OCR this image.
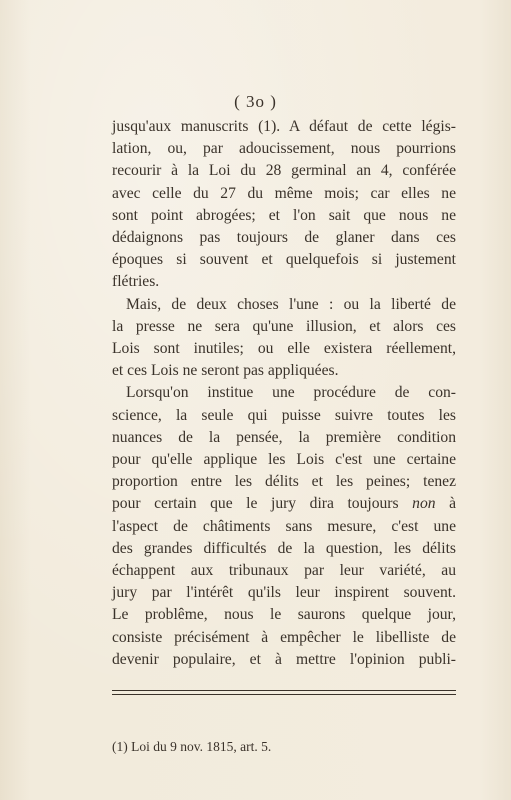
( 3o )
jusqu'aux manuscrits (1). A défaut de cette légis-
lation, ou, par adoucissement, nous pourrions
recourir à la Loi du 28 germinal an 4, conférée
avec celle du 27 du même mois; car elles ne
sont point abrogées; et l'on sait que nous ne
dédaignons pas toujours de glaner dans ces
époques si souvent et quelquefois si justement
flétries.
Mais, de deux choses l'une : ou la liberté de
la presse ne sera qu'une illusion, et alors ces
Lois sont inutiles; ou elle existera réellement,
et ces Lois ne seront pas appliquées.
Lorsqu'on institue une procédure de con-
science, la seule qui puisse suivre toutes les
nuances de la pensée, la première condition
pour qu'elle applique les Lois c'est une certaine
proportion entre les délits et les peines; tenez
pour certain que le jury dira toujours non à
l'aspect de châtiments sans mesure, c'est une
des grandes difficultés de la question, les délits
échappent aux tribunaux par leur variété, au
jury par l'intérêt qu'ils leur inspirent souvent.
Le problême, nous le saurons quelque jour,
consiste précisément à empêcher le libelliste de
devenir populaire, et à mettre l'opinion publi-
(1) Loi du 9 nov. 1815, art. 5.
